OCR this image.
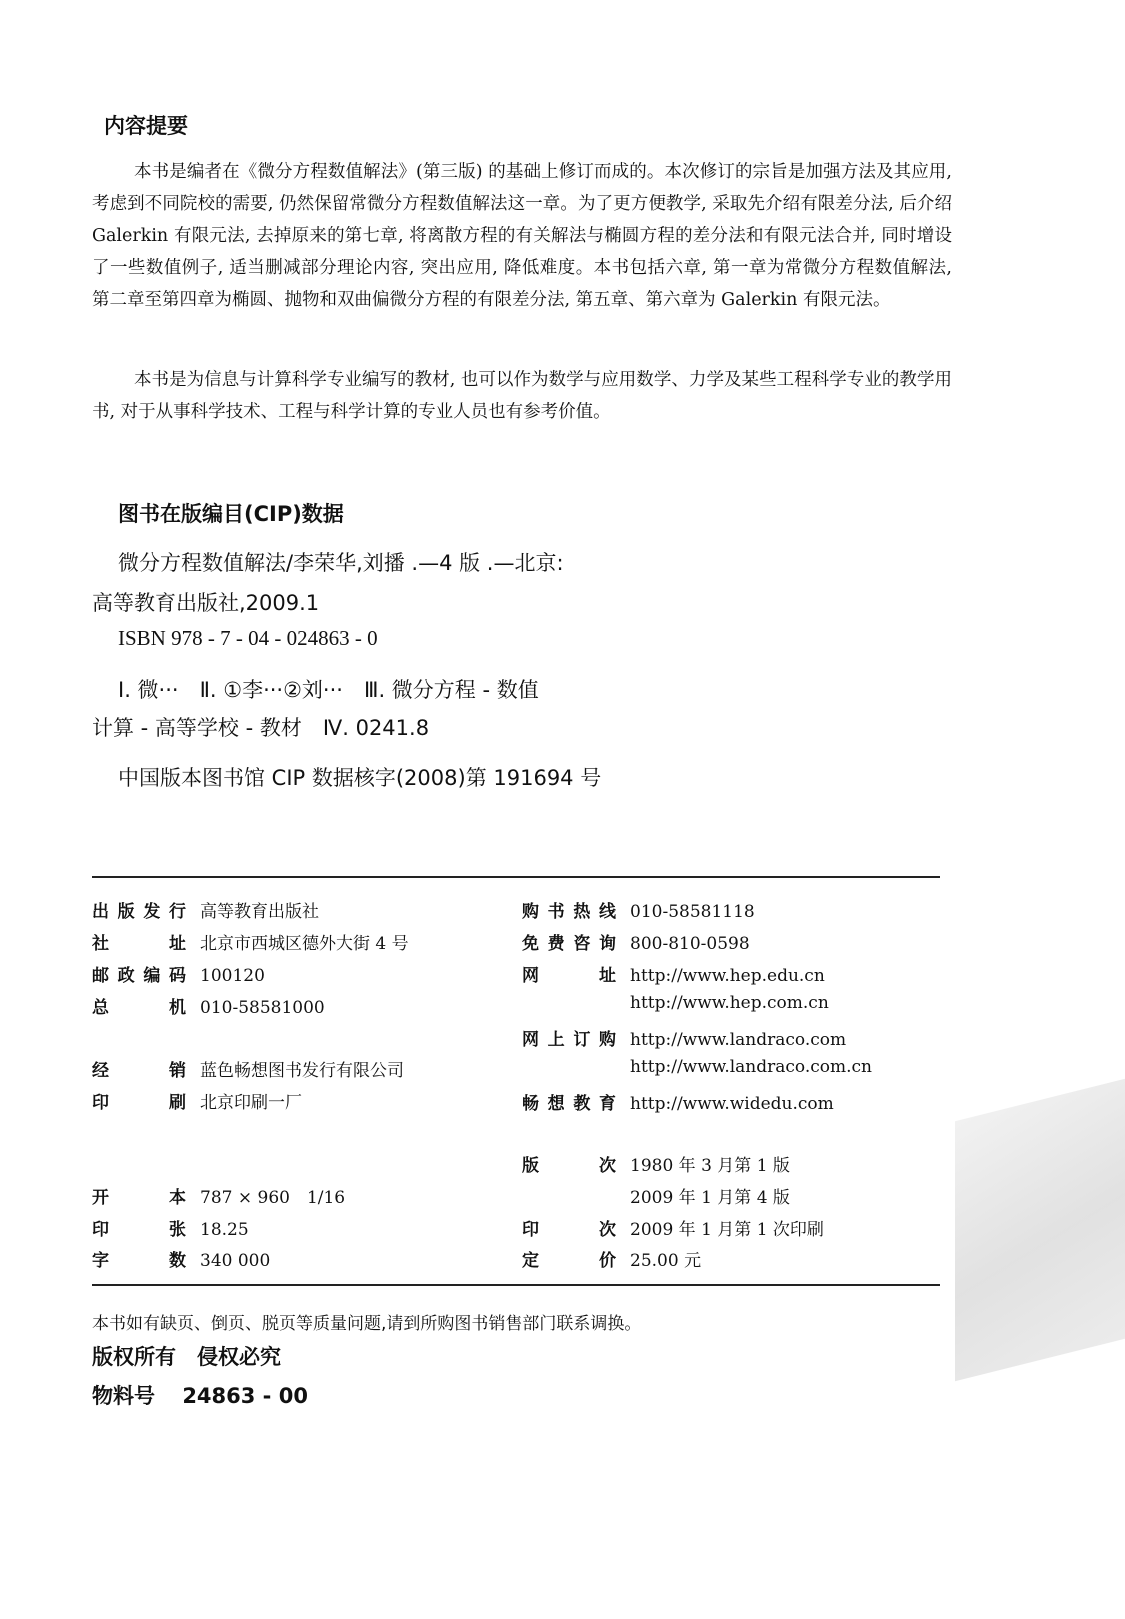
内容提要
本书是编者在《微分方程数值解法》(第三版) 的基础上修订而成的。本次修订的宗旨是加强方法及其应用, 考虑到不同院校的需要, 仍然保留常微分方程数值解法这一章。为了更方便教学, 采取先介绍有限差分法, 后介绍 Galerkin 有限元法, 去掉原来的第七章, 将离散方程的有关解法与椭圆方程的差分法和有限元法合并, 同时增设了一些数值例子, 适当删减部分理论内容, 突出应用, 降低难度。本书包括六章, 第一章为常微分方程数值解法, 第二章至第四章为椭圆、抛物和双曲偏微分方程的有限差分法, 第五章、第六章为 Galerkin 有限元法。
本书是为信息与计算科学专业编写的教材, 也可以作为数学与应用数学、力学及某些工程科学专业的教学用书, 对于从事科学技术、工程与科学计算的专业人员也有参考价值。
图书在版编目(CIP)数据
微分方程数值解法/李荣华,刘播 .—4 版 .—北京:
高等教育出版社,2009.1
ISBN 978 - 7 - 04 - 024863 - 0
Ⅰ. 微···　Ⅱ. ①李···②刘···　Ⅲ. 微分方程 - 数值
计算 - 高等学校 - 教材　Ⅳ. 0241.8
中国版本图书馆 CIP 数据核字(2008)第 191694 号
出版发行 高等教育出版社
社　址 北京市西城区德外大街 4 号
邮政编码 100120
总　机 010-58581000
经　销 蓝色畅想图书发行有限公司
印　刷 北京印刷一厂
开　本 787 × 960　1/16
印　张 18.25
字　数 340 000
购书热线 010-58581118
免费咨询 800-810-0598
网　址 http://www.hep.edu.cn
http://www.hep.com.cn
网上订购 http://www.landraco.com
http://www.landraco.com.cn
畅想教育 http://www.widedu.com
版　次 1980 年 3 月第 1 版
2009 年 1 月第 4 版
印　次 2009 年 1 月第 1 次印刷
定　价 25.00 元
本书如有缺页、倒页、脱页等质量问题,请到所购图书销售部门联系调换。
版权所有　侵权必究
物料号 24863 - 00
